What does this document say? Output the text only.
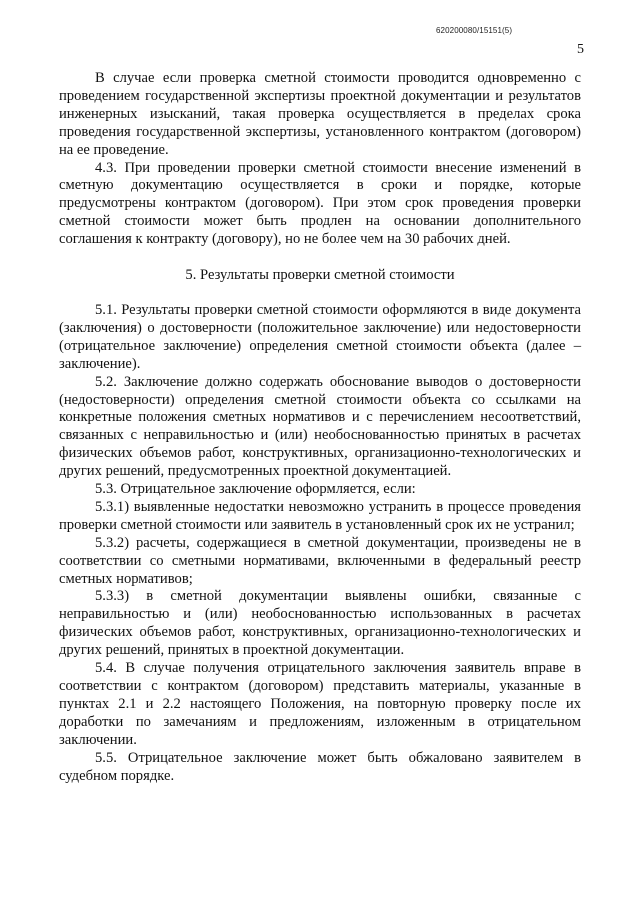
620200080/15151(5)
5

В случае если проверка сметной стоимости проводится одновременно с проведением государственной экспертизы проектной документации и результатов инженерных изысканий, такая проверка осуществляется в пределах срока проведения государственной экспертизы, установленного контрактом (договором) на ее проведение.

4.3. При проведении проверки сметной стоимости внесение изменений в сметную документацию осуществляется в сроки и порядке, которые предусмотрены контрактом (договором). При этом срок проведения проверки сметной стоимости может быть продлен на основании дополнительного соглашения к контракту (договору), но не более чем на 30 рабочих дней.

5. Результаты проверки сметной стоимости

5.1. Результаты проверки сметной стоимости оформляются в виде документа (заключения) о достоверности (положительное заключение) или недостоверности (отрицательное заключение) определения сметной стоимости объекта (далее – заключение).

5.2. Заключение должно содержать обоснование выводов о достоверности (недостоверности) определения сметной стоимости объекта со ссылками на конкретные положения сметных нормативов и с перечислением несоответствий, связанных с неправильностью и (или) необоснованностью принятых в расчетах физических объемов работ, конструктивных, организационно-технологических и других решений, предусмотренных проектной документацией.

5.3. Отрицательное заключение оформляется, если:

5.3.1) выявленные недостатки невозможно устранить в процессе проведения проверки сметной стоимости или заявитель в установленный срок их не устранил;

5.3.2) расчеты, содержащиеся в сметной документации, произведены не в соответствии со сметными нормативами, включенными в федеральный реестр сметных нормативов;

5.3.3) в сметной документации выявлены ошибки, связанные с неправильностью и (или) необоснованностью использованных в расчетах физических объемов работ, конструктивных, организационно-технологических и других решений, принятых в проектной документации.

5.4. В случае получения отрицательного заключения заявитель вправе в соответствии с контрактом (договором) представить материалы, указанные в пунктах 2.1 и 2.2 настоящего Положения, на повторную проверку после их доработки по замечаниям и предложениям, изложенным в отрицательном заключении.

5.5. Отрицательное заключение может быть обжаловано заявителем в судебном порядке.
